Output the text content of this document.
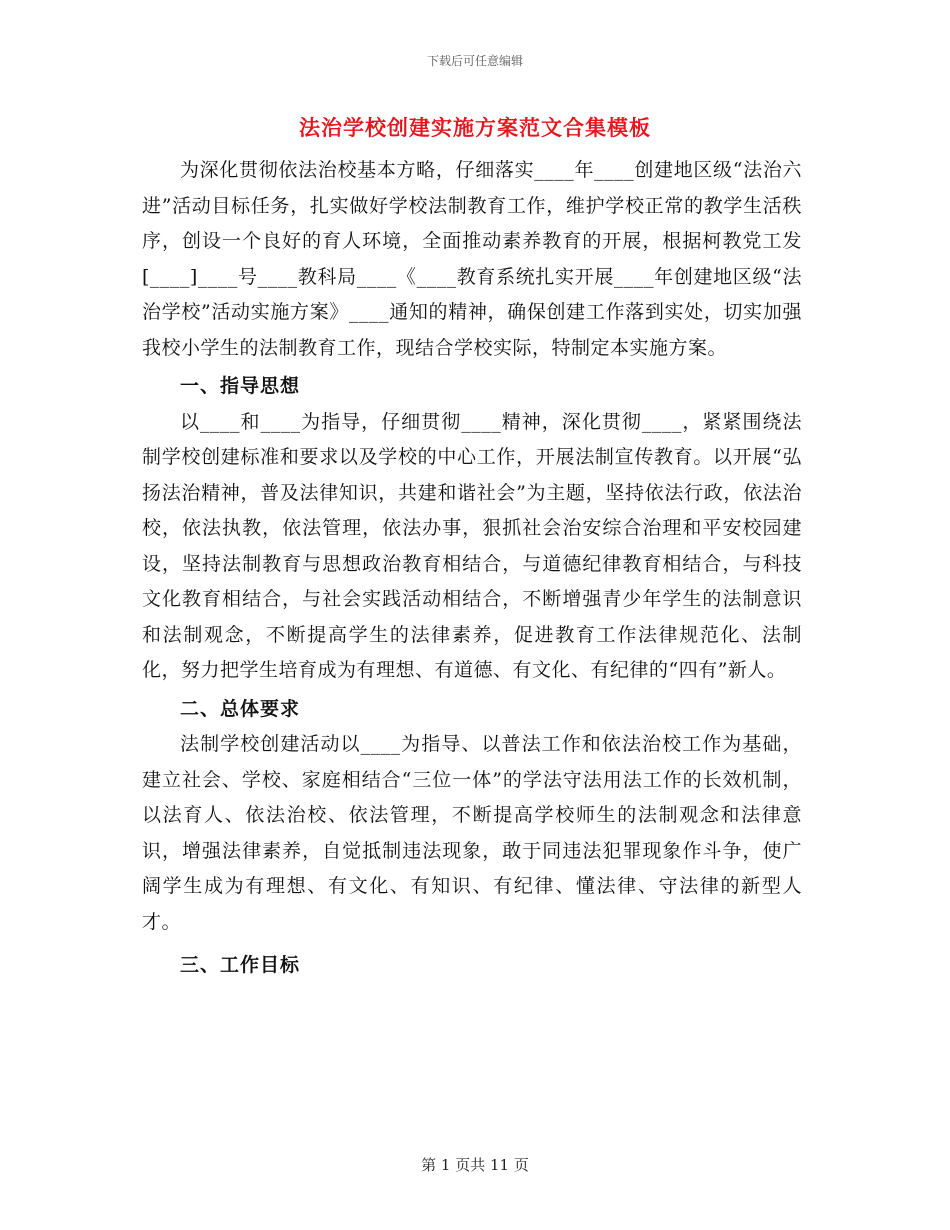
下载后可任意编辑
法治学校创建实施方案范文合集模板

为深化贯彻依法治校基本方略，仔细落实____年____创建地区级“法治六进”活动目标任务，扎实做好学校法制教育工作，维护学校正常的教学生活秩序，创设一个良好的育人环境，全面推动素养教育的开展，根据柯教党工发[____]____号____教科局____《____教育系统扎实开展____年创建地区级“法治学校”活动实施方案》____通知的精神，确保创建工作落到实处，切实加强我校小学生的法制教育工作，现结合学校实际，特制定本实施方案。

一、指导思想

以____和____为指导，仔细贯彻____精神，深化贯彻____，紧紧围绕法制学校创建标准和要求以及学校的中心工作，开展法制宣传教育。以开展“弘扬法治精神，普及法律知识，共建和谐社会”为主题，坚持依法行政，依法治校，依法执教，依法管理，依法办事，狠抓社会治安综合治理和平安校园建设，坚持法制教育与思想政治教育相结合，与道德纪律教育相结合，与科技文化教育相结合，与社会实践活动相结合，不断增强青少年学生的法制意识和法制观念，不断提高学生的法律素养，促进教育工作法律规范化、法制化，努力把学生培育成为有理想、有道德、有文化、有纪律的“四有”新人。

二、总体要求

法制学校创建活动以____为指导、以普法工作和依法治校工作为基础，建立社会、学校、家庭相结合“三位一体”的学法守法用法工作的长效机制，以法育人、依法治校、依法管理，不断提高学校师生的法制观念和法律意识，增强法律素养，自觉抵制违法现象，敢于同违法犯罪现象作斗争，使广阔学生成为有理想、有文化、有知识、有纪律、懂法律、守法律的新型人才。

三、工作目标
第 1 页共 11 页
